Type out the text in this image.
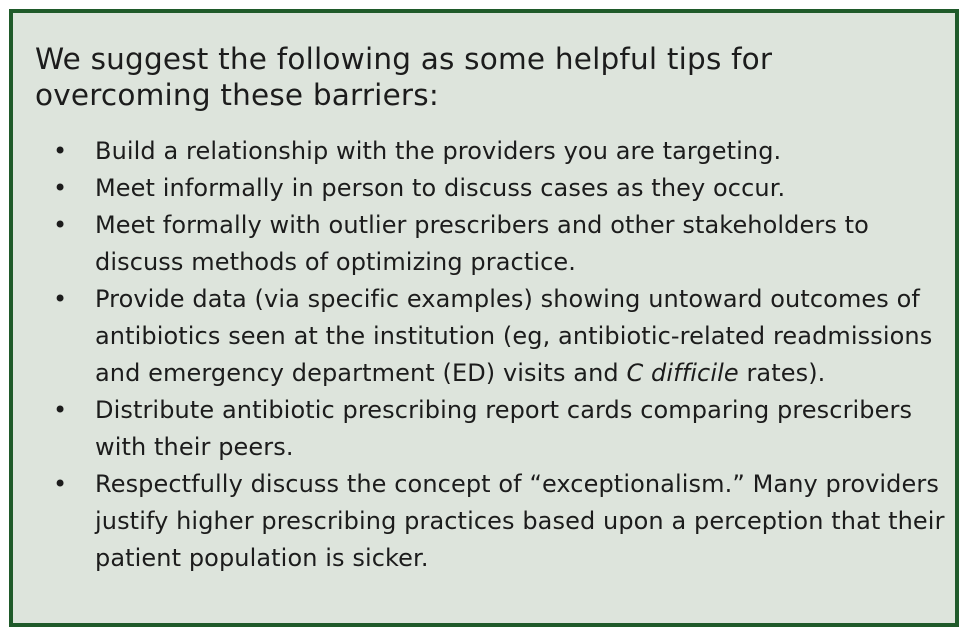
We suggest the following as some helpful tips for overcoming these barriers:

• Build a relationship with the providers you are targeting.
• Meet informally in person to discuss cases as they occur.
• Meet formally with outlier prescribers and other stakeholders to discuss methods of optimizing practice.
• Provide data (via specific examples) showing untoward outcomes of antibiotics seen at the institution (eg, antibiotic-related readmissions and emergency department (ED) visits and C difficile rates).
• Distribute antibiotic prescribing report cards comparing prescribers with their peers.
• Respectfully discuss the concept of “exceptionalism.” Many providers justify higher prescribing practices based upon a perception that their patient population is sicker.
